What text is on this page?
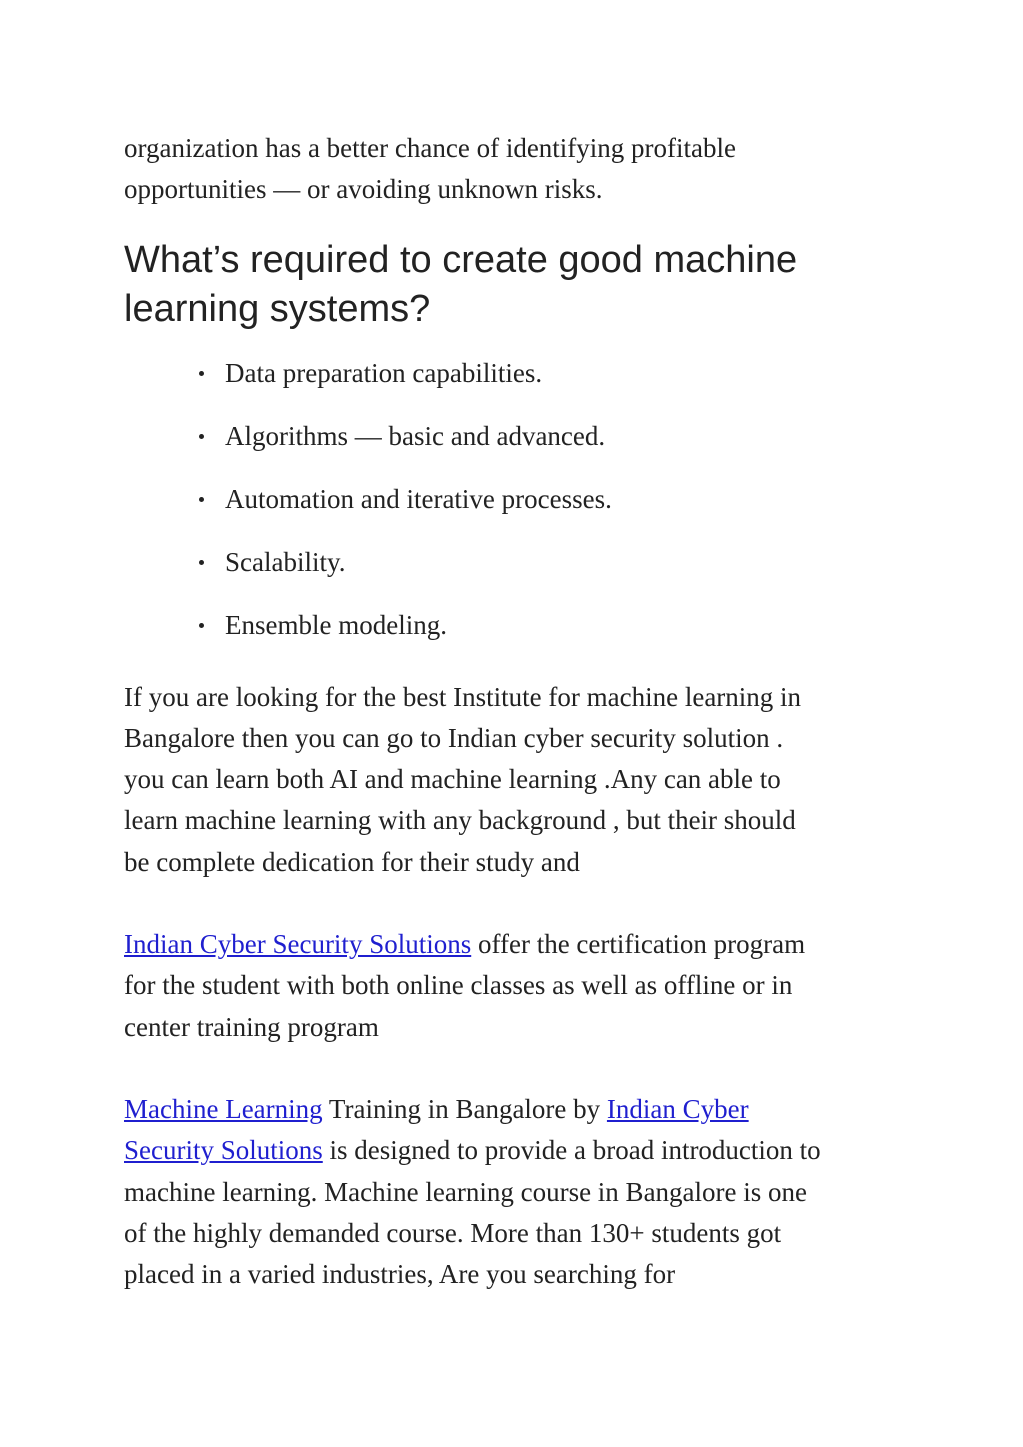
organization has a better chance of identifying profitable
opportunities — or avoiding unknown risks.

What’s required to create good machine
learning systems?
Data preparation capabilities.
Algorithms — basic and advanced.
Automation and iterative processes.
Scalability.
Ensemble modeling.

If you are looking for the best Institute for machine learning in
Bangalore then you can go to Indian cyber security solution .
you can learn both AI and machine learning .Any can able to
learn machine learning with any background , but their should
be complete dedication for their study and

Indian Cyber Security Solutions offer the certification program
for the student with both online classes as well as offline or in
center training program

Machine Learning Training in Bangalore by Indian Cyber
Security Solutions is designed to provide a broad introduction to
machine learning. Machine learning course in Bangalore is one
of the highly demanded course. More than 130+ students got
placed in a varied industries, Are you searching for
